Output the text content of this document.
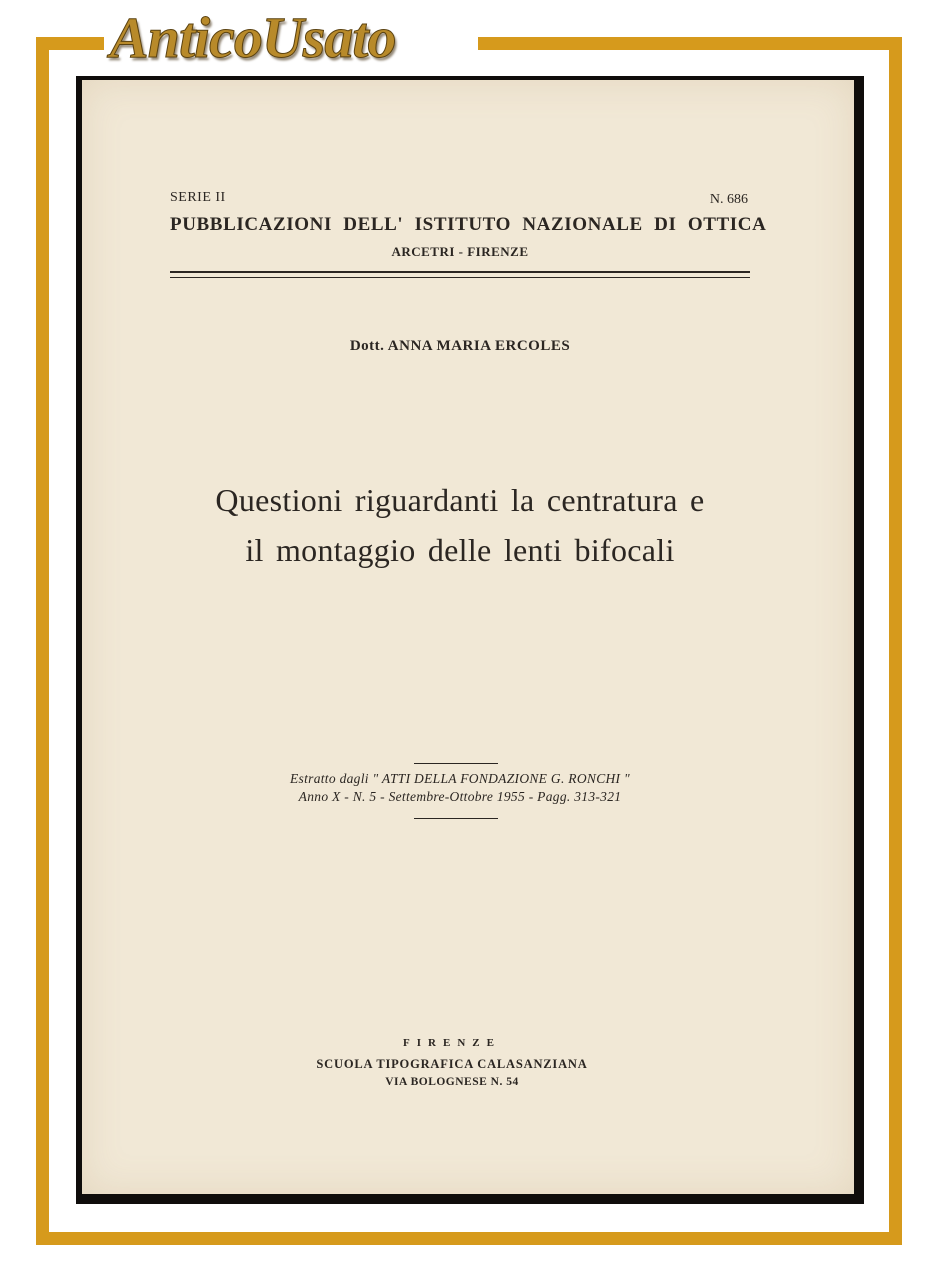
AnticoUsato
SERIE II	N. 686
PUBBLICAZIONI DELL' ISTITUTO NAZIONALE DI OTTICA
ARCETRI - FIRENZE
Dott. ANNA MARIA ERCOLES
Questioni riguardanti la centratura e
il montaggio delle lenti bifocali
Estratto dagli " ATTI DELLA FONDAZIONE G. RONCHI "
Anno X - N. 5 - Settembre-Ottobre 1955 - Pagg. 313-321
FIRENZE
SCUOLA TIPOGRAFICA CALASANZIANA
VIA BOLOGNESE N. 54
